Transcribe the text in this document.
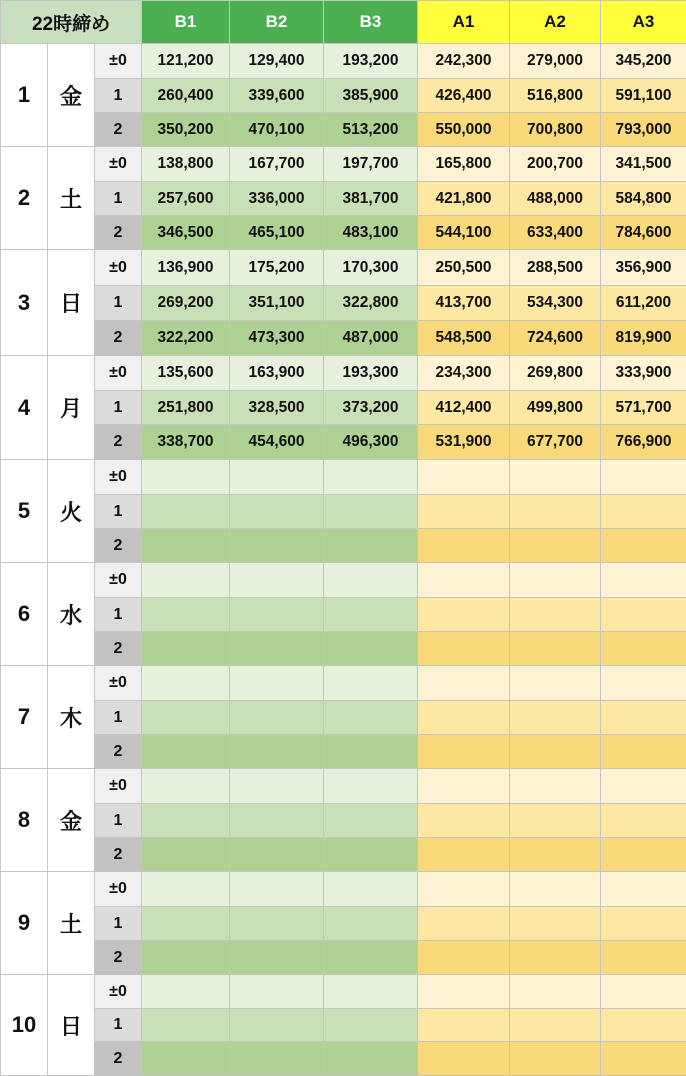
22時締め			B1	B2	B3	A1	A2	A3
1	金	±0	121,200	129,400	193,200	242,300	279,000	345,200
		1	260,400	339,600	385,900	426,400	516,800	591,100
		2	350,200	470,100	513,200	550,000	700,800	793,000
2	土	±0	138,800	167,700	197,700	165,800	200,700	341,500
		1	257,600	336,000	381,700	421,800	488,000	584,800
		2	346,500	465,100	483,100	544,100	633,400	784,600
3	日	±0	136,900	175,200	170,300	250,500	288,500	356,900
		1	269,200	351,100	322,800	413,700	534,300	611,200
		2	322,200	473,300	487,000	548,500	724,600	819,900
4	月	±0	135,600	163,900	193,300	234,300	269,800	333,900
		1	251,800	328,500	373,200	412,400	499,800	571,700
		2	338,700	454,600	496,300	531,900	677,700	766,900
5	火	±0						
		1						
		2						
6	水	±0						
		1						
		2						
7	木	±0						
		1						
		2						
8	金	±0						
		1						
		2						
9	土	±0						
		1						
		2						
10	日	±0						
		1						
		2						
